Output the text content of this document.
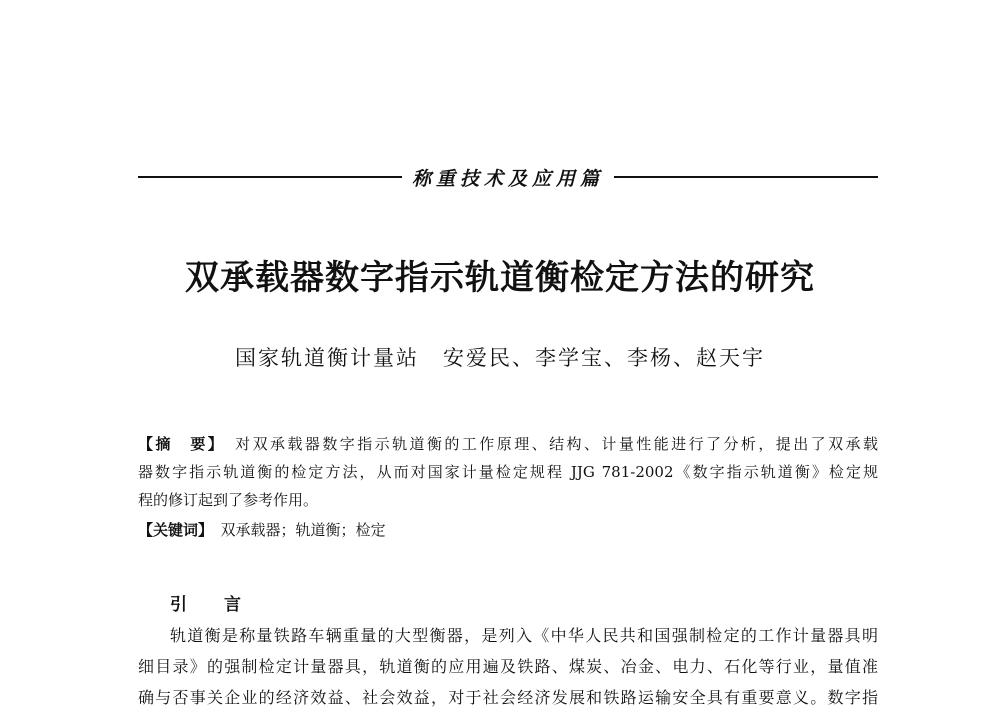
称重技术及应用篇
双承载器数字指示轨道衡检定方法的研究
国家轨道衡计量站 安爱民、李学宝、李杨、赵天宇
【摘　要】　 对双承载器数字指示轨道衡的工作原理、结构、计量性能进行了分析，提出了双承载
器数字指示轨道衡的检定方法，从而对国家计量检定规程 JJG 781-2002《数字指示轨道衡》检定规
程的修订起到了参考作用。
【关键词】　 双承载器；轨道衡；检定
引　言
轨道衡是称量铁路车辆重量的大型衡器，是列入《中华人民共和国强制检定的工作计量器具明
细目录》的强制检定计量器具，轨道衡的应用遍及铁路、煤炭、冶金、电力、石化等行业，量值准
确与否事关企业的经济效益、社会效益，对于社会经济发展和铁路运输安全具有重要意义。数字指
